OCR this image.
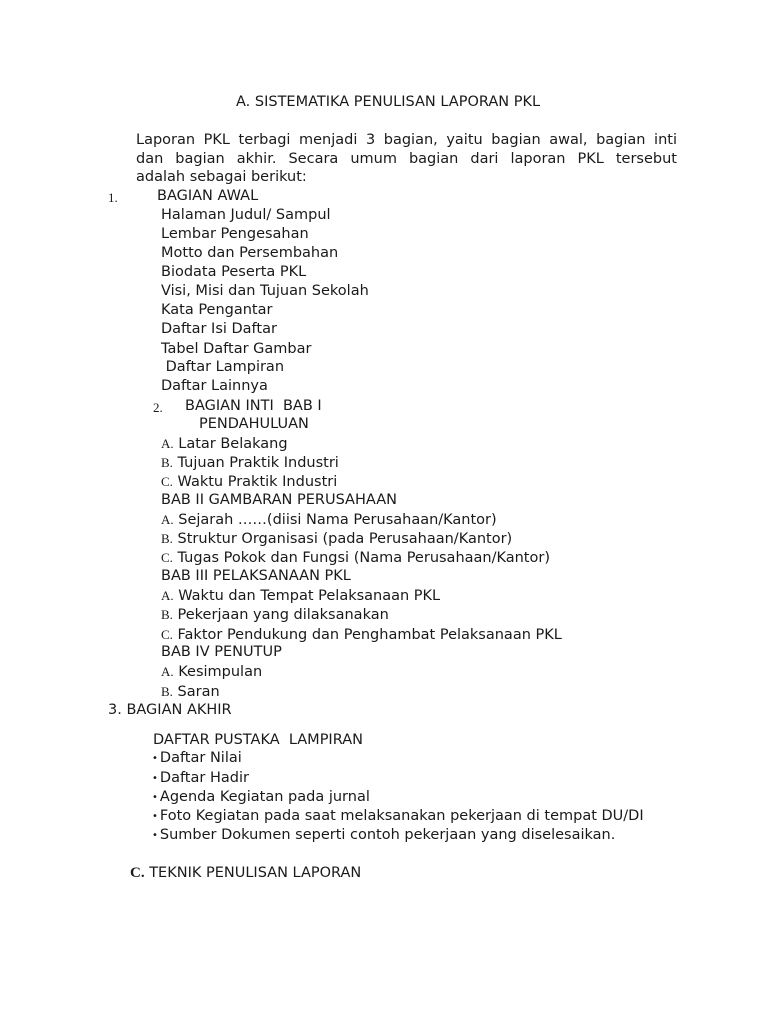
A. SISTEMATIKA PENULISAN LAPORAN PKL
Laporan PKL terbagi menjadi 3 bagian, yaitu bagian awal, bagian inti
dan bagian akhir. Secara umum bagian dari laporan PKL tersebut
adalah sebagai berikut:
1.	BAGIAN AWAL
Halaman Judul/ Sampul
Lembar Pengesahan
Motto dan Persembahan
Biodata Peserta PKL
Visi, Misi dan Tujuan Sekolah
Kata Pengantar
Daftar Isi Daftar
Tabel Daftar Gambar
Daftar Lampiran
Daftar Lainnya
2. BAGIAN INTI  BAB I
PENDAHULUAN
A. Latar Belakang
B. Tujuan Praktik Industri
C. Waktu Praktik Industri
BAB II GAMBARAN PERUSAHAAN
A. Sejarah ……(diisi Nama Perusahaan/Kantor)
B. Struktur Organisasi (pada Perusahaan/Kantor)
C. Tugas Pokok dan Fungsi (Nama Perusahaan/Kantor)
BAB III PELAKSANAAN PKL
A. Waktu dan Tempat Pelaksanaan PKL
B. Pekerjaan yang dilaksanakan
C. Faktor Pendukung dan Penghambat Pelaksanaan PKL
BAB IV PENUTUP
A. Kesimpulan
B. Saran
3. BAGIAN AKHIR
DAFTAR PUSTAKA  LAMPIRAN
• Daftar Nilai
• Daftar Hadir
• Agenda Kegiatan pada jurnal
• Foto Kegiatan pada saat melaksanakan pekerjaan di tempat DU/DI
• Sumber Dokumen seperti contoh pekerjaan yang diselesaikan.
C. TEKNIK PENULISAN LAPORAN
